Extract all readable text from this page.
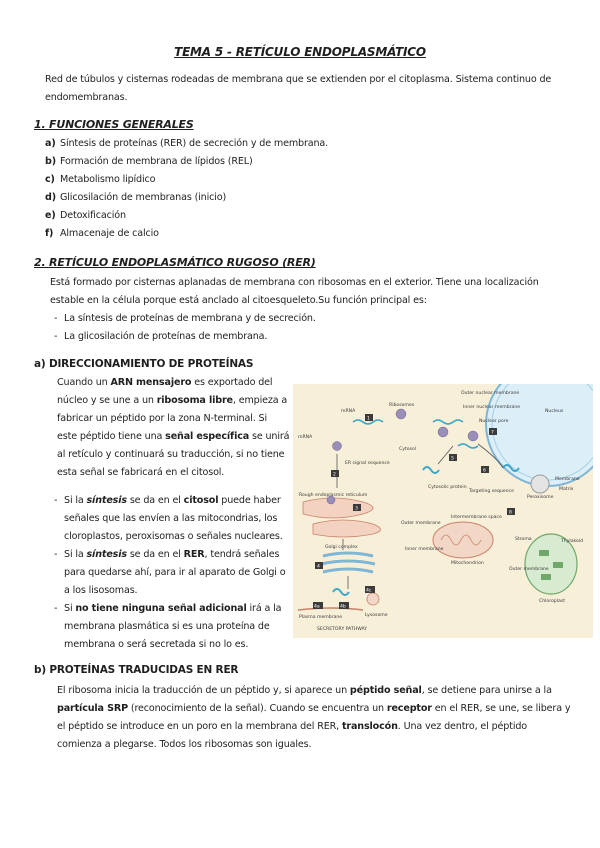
TEMA 5 - RETÍCULO ENDOPLASMÁTICO
Red de túbulos y cisternas rodeadas de membrana que se extienden por el citoplasma. Sistema continuo de
endomembranas.
1. FUNCIONES GENERALES
a) Síntesis de proteínas (RER) de secreción y de membrana.
b) Formación de membrana de lípidos (REL)
c) Metabolismo lipídico
d) Glicosilación de membranas (inicio)
e) Detoxificación
f) Almacenaje de calcio
2. RETÍCULO ENDOPLASMÁTICO RUGOSO (RER)
Está formado por cisternas aplanadas de membrana con ribosomas en el exterior. Tiene una localización
estable en la célula porque está anclado al citoesqueleto.Su función principal es:
- La síntesis de proteínas de membrana y de secreción.
- La glicosilación de proteínas de membrana.
a) DIRECCIONAMIENTO DE PROTEÍNAS
Cuando un ARN mensajero es exportado del
núcleo y se une a un ribosoma libre, empieza a
fabricar un péptido por la zona N-terminal. Si
este péptido tiene una señal específica se unirá
al retículo y continuará su traducción, si no tiene
esta señal se fabricará en el citosol.
- Si la síntesis se da en el citosol puede haber
señales que las envíen a las mitocondrias, los
cloroplastos, peroxisomas o señales nucleares.
- Si la síntesis se da en el RER, tendrá señales
para quedarse ahí, para ir al aparato de Golgi o
a los lisosomas.
- Si no tiene ninguna señal adicional irá a la
membrana plasmática si es una proteína de
membrana o será secretada si no lo es.
2
1
3
4
4a	4b
4c
5
6
7
8
mRNA
Ribosomes
Outer nuclear membrane
Inner nuclear membrane
Nuclear pore
Nucleus
mRNA
Cytosol
ER signal sequence
Cytosolic protein
Targeting sequence
Membrane
Matrix
Peroxisome
Rough endoplasmic reticulum
Outer membrane
Intermembrane space
Inner membrane
Mitochondrion
Stroma	Thylakoid
Outer membrane
Chloroplast
Golgi complex
Plasma membrane	Lysosome
SECRETORY PATHWAY
b) PROTEÍNAS TRADUCIDAS EN RER
El ribosoma inicia la traducción de un péptido y, si aparece un péptido señal, se detiene para unirse a la
partícula SRP (reconocimiento de la señal). Cuando se encuentra un receptor en el RER, se une, se libera y
el péptido se introduce en un poro en la membrana del RER, translocón. Una vez dentro, el péptido
comienza a plegarse. Todos los ribosomas son iguales.
